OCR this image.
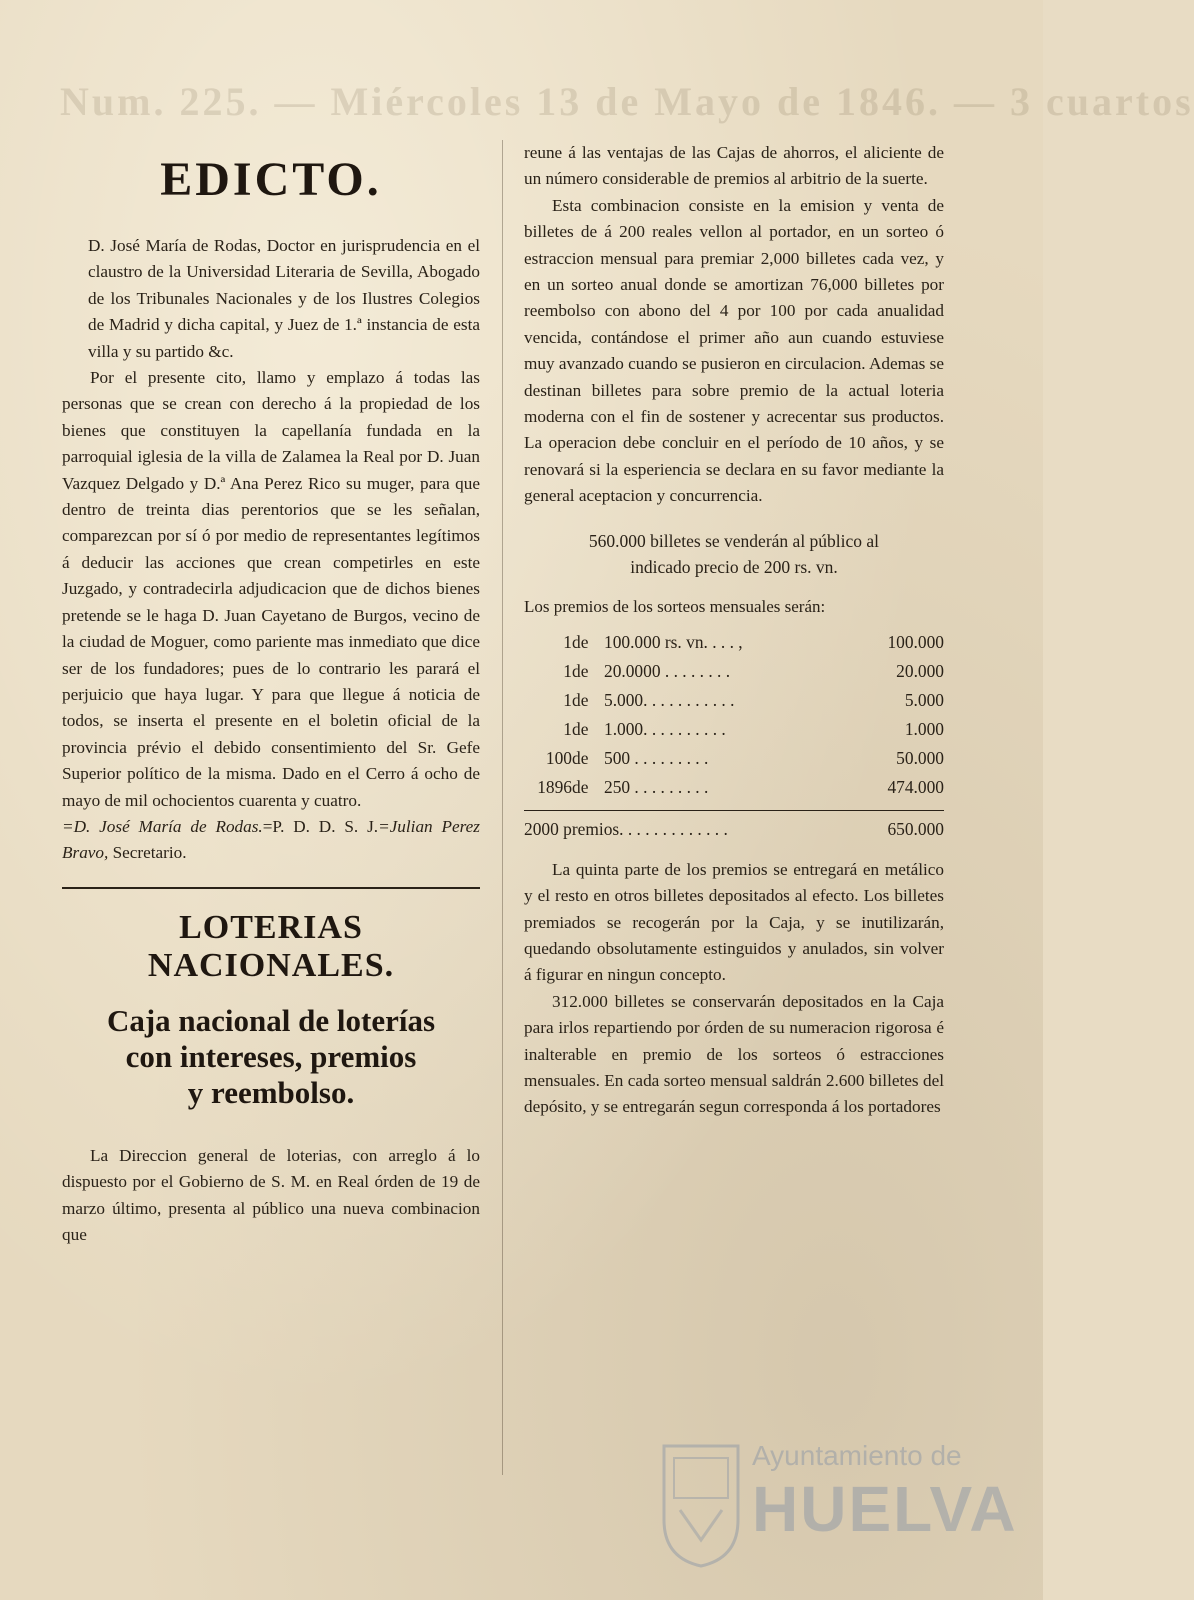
Num. 225. — Miércoles 13 de Mayo de 1846. — 3 cuartos
EDICTO.

D. José María de Rodas, Doctor en jurisprudencia en el claustro de la Universidad Literaria de Sevilla, Abogado de los Tribunales Nacionales y de los Ilustres Colegios de Madrid y dicha capital, y Juez de 1.ª instancia de esta villa y su partido &c.

Por el presente cito, llamo y emplazo á todas las personas que se crean con derecho á la propiedad de los bienes que constituyen la capellanía fundada en la parroquial iglesia de la villa de Zalamea la Real por D. Juan Vazquez Delgado y D.ª Ana Perez Rico su muger, para que dentro de treinta dias perentorios que se les señalan, comparezcan por sí ó por medio de representantes legítimos á deducir las acciones que crean competirles en este Juzgado, y contradecirla adjudicacion que de dichos bienes pretende se le haga D. Juan Cayetano de Burgos, vecino de la ciudad de Moguer, como pariente mas inmediato que dice ser de los fundadores; pues de lo contrario les parará el perjuicio que haya lugar. Y para que llegue á noticia de todos, se inserta el presente en el boletin oficial de la provincia prévio el debido consentimiento del Sr. Gefe Superior político de la misma. Dado en el Cerro á ocho de mayo de mil ochocientos cuarenta y cuatro.

=D. José María de Rodas.=P. D. D. S. J.=Julian Perez Bravo, Secretario.

LOTERIAS NACIONALES.
Caja nacional de loterías
con intereses, premios
y reembolso.

La Direccion general de loterias, con arreglo á lo dispuesto por el Gobierno de S. M. en Real órden de 19 de marzo último, presenta al público una nueva combinacion que

reune á las ventajas de las Cajas de ahorros, el aliciente de un número considerable de premios al arbitrio de la suerte.

Esta combinacion consiste en la emision y venta de billetes de á 200 reales vellon al portador, en un sorteo ó estraccion mensual para premiar 2,000 billetes cada vez, y en un sorteo anual donde se amortizan 76,000 billetes por reembolso con abono del 4 por 100 por cada anualidad vencida, contándose el primer año aun cuando estuviese muy avanzado cuando se pusieron en circulacion. Ademas se destinan billetes para sobre premio de la actual loteria moderna con el fin de sostener y acrecentar sus productos. La operacion debe concluir en el período de 10 años, y se renovará si la esperiencia se declara en su favor mediante la general aceptacion y concurrencia.

560.000 billetes se venderán al público al
indicado precio de 200 rs. vn.
Los premios de los sorteos mensuales serán:
1	de	100.000 rs. vn. . . . ,	100.000
1	de	20.0000 . . . . . . . .	20.000
1	de	5.000. . . . . . . . . . .	5.000
1	de	1.000. . . . . . . . . .	1.000
100	de	500 . . . . . . . . .	50.000
1896	de	250 . . . . . . . . .	474.000
2000 premios. . . . . . . . . . . . .	650.000

La quinta parte de los premios se entregará en metálico y el resto en otros billetes depositados al efecto. Los billetes premiados se recogerán por la Caja, y se inutilizarán, quedando obsolutamente estinguidos y anulados, sin volver á figurar en ningun concepto.

312.000 billetes se conservarán depositados en la Caja para irlos repartiendo por órden de su numeracion rigorosa é inalterable en premio de los sorteos ó estracciones mensuales. En cada sorteo mensual saldrán 2.600 billetes del depósito, y se entregarán segun corresponda á los portadores

Ayuntamiento de
HUELVA
